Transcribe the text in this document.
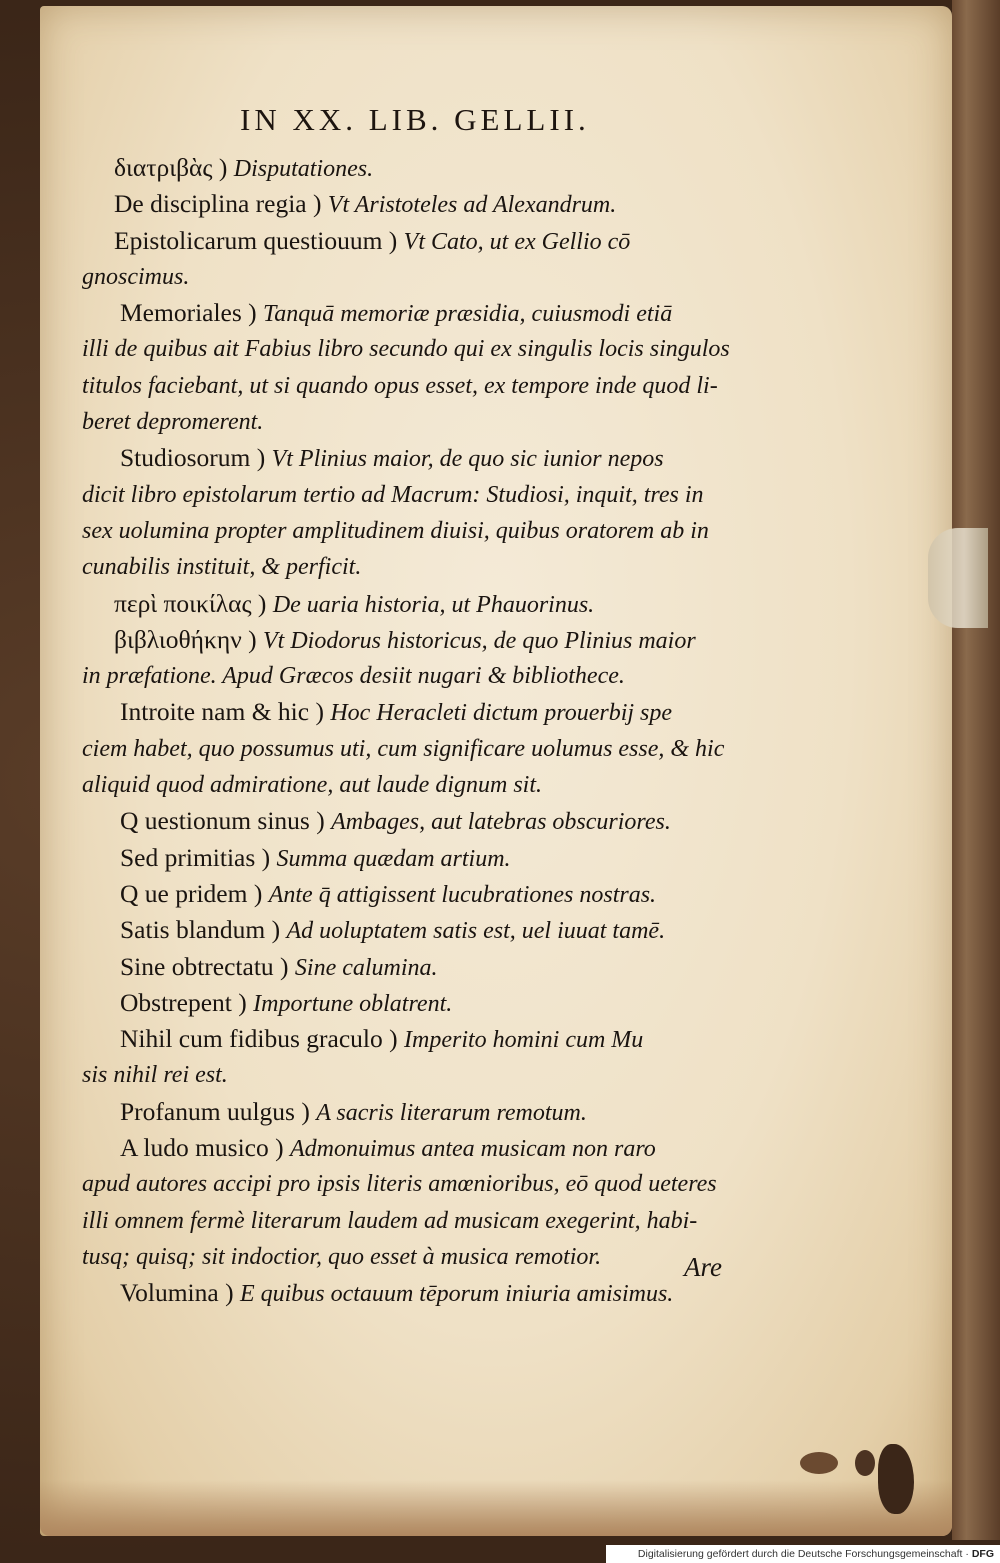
IN XX. LIB. GELLII.
διατριβὰς ) Disputationes.
De disciplina regia ) Vt Aristoteles ad Alexandrum.
Epistolicarum questiouum ) Vt Cato, ut ex Gellio cō
gnoscimus.
Memoriales ) Tanquā memoriæ præsidia, cuiusmodi etiā
illi de quibus ait Fabius libro secundo qui ex singulis locis singulos
titulos faciebant, ut si quando opus esset, ex tempore inde quod li-
beret depromerent.
Studiosorum ) Vt Plinius maior, de quo sic iunior nepos
dicit libro epistolarum tertio ad Macrum: Studiosi, inquit, tres in
sex uolumina propter amplitudinem diuisi, quibus oratorem ab in
cunabilis instituit, & perficit.
περὶ ποικίλας ) De uaria historia, ut Phauorinus.
βιβλιοθήκην ) Vt Diodorus historicus, de quo Plinius maior
in præfatione. Apud Græcos desiit nugari & bibliothece.
Introite nam & hic ) Hoc Heracleti dictum prouerbij spe
ciem habet, quo possumus uti, cum significare uolumus esse, & hic
aliquid quod admiratione, aut laude dignum sit.
Q uestionum sinus ) Ambages, aut latebras obscuriores.
Sed primitias ) Summa quædam artium.
Q ue pridem ) Ante q̄ attigissent lucubrationes nostras.
Satis blandum ) Ad uoluptatem satis est, uel iuuat tamē.
Sine obtrectatu ) Sine calumina.
Obstrepent ) Importune oblatrent.
Nihil cum fidibus graculo ) Imperito homini cum Mu
sis nihil rei est.
Profanum uulgus ) A sacris literarum remotum.
A ludo musico ) Admonuimus antea musicam non raro
apud autores accipi pro ipsis literis amœnioribus, eō quod ueteres
illi omnem fermè literarum laudem ad musicam exegerint, habi-
tusq; quisq; sit indoctior, quo esset à musica remotior.
Volumina ) E quibus octauum tēporum iniuria amisimus.
Are
Digitalisierung gefördert durch die Deutsche Forschungsgemeinschaft · DFG
